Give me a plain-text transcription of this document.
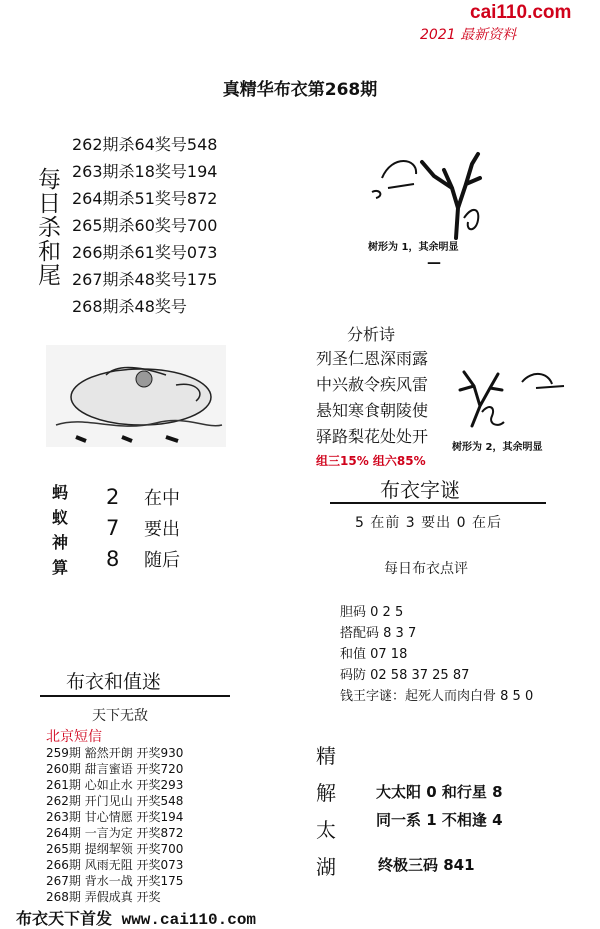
cai110.com
2021 最新资料
真精华布衣第268期
每
日
杀
和
尾
262期杀64奖号548
263期杀18奖号194
264期杀51奖号872
265期杀60奖号700
266期杀61奖号073
267期杀48奖号175
268期杀48奖号
树形为 1，其余明显
—
分析诗
列圣仁恩深雨露
中兴赦令疾风雷
悬知寒食朝陵使
驿路梨花处处开
组三15% 组六85%
树形为 2，其余明显
蚂
蚁
神
算
2
7
8
在中
要出
随后
布衣字谜
5 在前 3 要出 0 在后
每日布衣点评
胆码 0 2 5
搭配码 8 3 7
和值 07 18
码防 02 58 37 25 87
钱王字谜：起死人而肉白骨 8 5 0
布衣和值迷
天下无敌
北京短信
259期 豁然开朗 开奖930
260期 甜言蜜语 开奖720
261期 心如止水 开奖293
262期 开门见山 开奖548
263期 甘心情愿 开奖194
264期 一言为定 开奖872
265期 提纲挈领 开奖700
266期 风雨无阻 开奖073
267期 背水一战 开奖175
268期 弄假成真 开奖
精
解
太
湖
大太阳 0 和行星 8
同一系 1 不相逢 4
终极三码 841
布衣天下首发 www.cai110.com
